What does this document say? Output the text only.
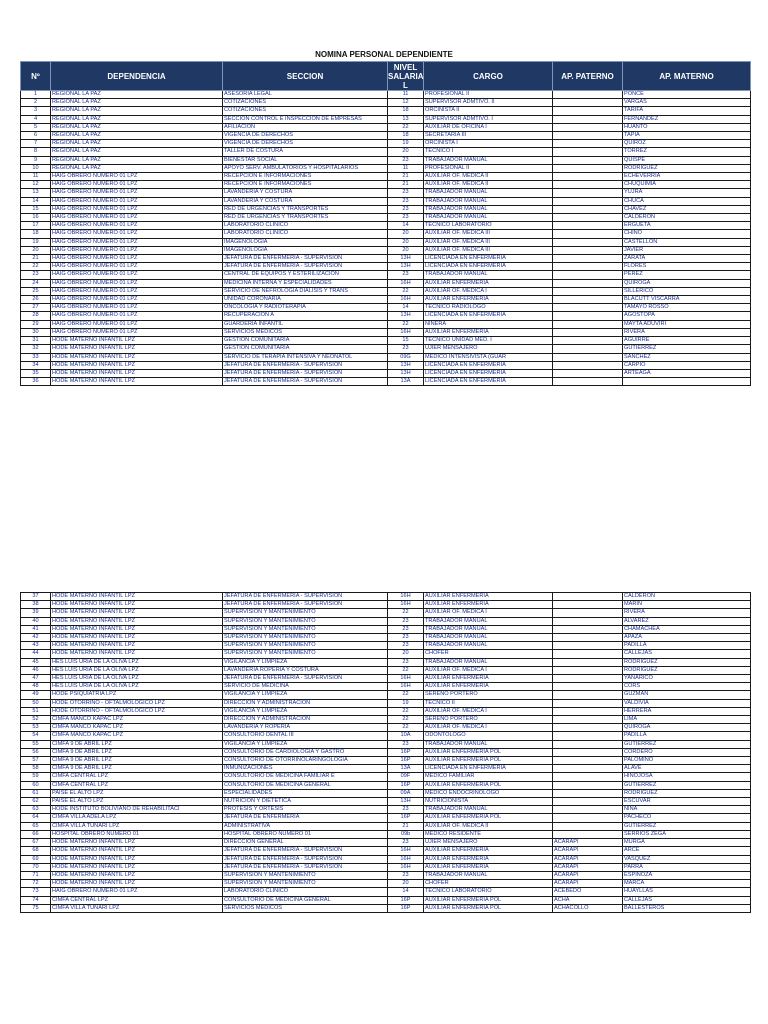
NOMINA PERSONAL DEPENDIENTE
Nº	DEPENDENCIA	SECCION	NIVEL SALARIA L	CARGO	AP. PATERNO	AP. MATERNO
1	REGIONAL LA PAZ	ASESORIA LEGAL	11	PROFESIONAL II		PONCE
2	REGIONAL LA PAZ	COTIZACIONES	12	SUPERVISOR ADMTIVO. II		VARGAS
3	REGIONAL LA PAZ	COTIZACIONES	18	ORCINISTA II		TARIFA
4	REGIONAL LA PAZ	SECCION CONTROL E INSPECCION DE EMPRESAS	13	SUPERVISOR ADMTIVO. I		FERNANDEZ
5	REGIONAL LA PAZ	AFILIACION	22	AUXILIAR DE OFICINA I		HUANTO
6	REGIONAL LA PAZ	VIGENCIA DE DERECHOS	18	SECRETARIA III		TAPIA
7	REGIONAL LA PAZ	VIGENCIA DE DERECHOS	19	ORCINISTA I		QUIROZ
8	REGIONAL LA PAZ	TALLER DE COSTURA	20	TECNICO I		TORREZ
9	REGIONAL LA PAZ	BIENESTAR SOCIAL	23	TRABAJADOR MANUAL		QUISPE
10	REGIONAL LA PAZ	APOYO SERV. AMBULATORIOS Y HOSPITALARIOS	11	PROFESIONAL II		RODRIGUEZ
11	HAIG OBRERO NUMERO 01 LPZ	RECEPCION E INFORMACIONES	21	AUXILIAR OF. MEDICA II		ECHEVERRIA
12	HAIG OBRERO NUMERO 01 LPZ	RECEPCION E INFORMACIONES	21	AUXILIAR OF. MEDICA II		CHUQUIMIA
13	HAIG OBRERO NUMERO 01 LPZ	LAVANDERIA Y COSTURA	23	TRABAJADOR MANUAL		YUJRA
14	HAIG OBRERO NUMERO 01 LPZ	LAVANDERIA Y COSTURA	23	TRABAJADOR MANUAL		CHUCA
15	HAIG OBRERO NUMERO 01 LPZ	RED DE URGENCIAS Y TRANSPORTES	23	TRABAJADOR MANUAL		CHAVEZ
16	HAIG OBRERO NUMERO 01 LPZ	RED DE URGENCIAS Y TRANSPORTES	23	TRABAJADOR MANUAL		CALDERON
17	HAIG OBRERO NUMERO 01 LPZ	LABORATORIO CLINICO	14	TECNICO LABORATORIO		ERGUETA
18	HAIG OBRERO NUMERO 01 LPZ	LABORATORIO CLINICO	20	AUXILIAR OF. MEDICA III		CHINO
19	HAIG OBRERO NUMERO 01 LPZ	IMAGENOLOGIA	20	AUXILIAR OF. MEDICA III		CASTELLON
20	HAIG OBRERO NUMERO 01 LPZ	IMAGENOLOGIA	20	AUXILIAR OF. MEDICA III		JAVIER
21	HAIG OBRERO NUMERO 01 LPZ	JEFATURA DE ENFERMERIA - SUPERVISION	13H	LICENCIADA EN ENFERMERIA		ZARATA
22	HAIG OBRERO NUMERO 01 LPZ	JEFATURA DE ENFERMERIA - SUPERVISION	13H	LICENCIADA EN ENFERMERIA		FLORES
23	HAIG OBRERO NUMERO 01 LPZ	CENTRAL DE EQUIPOS Y ESTERILIZACION	23	TRABAJADOR MANUAL		PEREZ
24	HAIG OBRERO NUMERO 01 LPZ	MEDICINA INTERNA Y ESPECIALIDADES	16H	AUXILIAR ENFERMERIA		QUIROGA
25	HAIG OBRERO NUMERO 01 LPZ	SERVICIO DE NEFROLOGIA DIALISIS Y TRANS	22	AUXILIAR OF. MEDICA I		SILLERICO
26	HAIG OBRERO NUMERO 01 LPZ	UNIDAD CORONARIA	16H	AUXILIAR ENFERMERIA		BLACUTT VISCARRA
27	HAIG OBRERO NUMERO 01 LPZ	ONCOLOGIA Y RADIOTERAPIA	14	TECNICO RADIOLOGO		TAMAYO ROSSO
28	HAIG OBRERO NUMERO 01 LPZ	RECUPERACION A	13H	LICENCIADA EN ENFERMERIA		AGOSTOPA
29	HAIG OBRERO NUMERO 01 LPZ	GUARDERIA INFANTIL	22	NINERA		MAYTA ADUVIRI
30	HAIG OBRERO NUMERO 01 LPZ	SERVICIOS MEDICOS	16H	AUXILIAR ENFERMERIA		RIVERA
31	HODE MATERNO INFANTIL LPZ	GESTION COMUNITARIA	15	TECNICO UNIDAD MED. I		AGUIRRE
32	HODE MATERNO INFANTIL LPZ	GESTION COMUNITARIA	23	UJIER MENSAJERO		GUTIERREZ
33	HODE MATERNO INFANTIL LPZ	SERVICIO DE TERAPIA INTENSIVA Y NEONATOL	09G	MEDICO INTENSIVISTA (GUAR		SANCHEZ
34	HODE MATERNO INFANTIL LPZ	JEFATURA DE ENFERMERIA - SUPERVISION	13H	LICENCIADA EN ENFERMERIA		CARPIO
35	HODE MATERNO INFANTIL LPZ	JEFATURA DE ENFERMERIA - SUPERVISION	13H	LICENCIADA EN ENFERMERIA		ARTEAGA
36	HODE MATERNO INFANTIL LPZ	JEFATURA DE ENFERMERIA - SUPERVISION	13A	LICENCIADA EN ENFERMERIA		
37	HODE MATERNO INFANTIL LPZ	JEFATURA DE ENFERMERIA - SUPERVISION	16H	AUXILIAR ENFERMERIA		CALDERON
38	HODE MATERNO INFANTIL LPZ	JEFATURA DE ENFERMERIA - SUPERVISION	16H	AUXILIAR ENFERMERIA		MARIN
39	HODE MATERNO INFANTIL LPZ	SUPERVISION Y MANTENIMIENTO	22	AUXILIAR OF. MEDICA I		RIVERA
40	HODE MATERNO INFANTIL LPZ	SUPERVISION Y MANTENIMIENTO	23	TRABAJADOR MANUAL		ALVAREZ
41	HODE MATERNO INFANTIL LPZ	SUPERVISION Y MANTENIMIENTO	23	TRABAJADOR MANUAL		CHAMACHEA
42	HODE MATERNO INFANTIL LPZ	SUPERVISION Y MANTENIMIENTO	23	TRABAJADOR MANUAL		APAZA
43	HODE MATERNO INFANTIL LPZ	SUPERVISION Y MANTENIMIENTO	23	TRABAJADOR MANUAL		PADILLA
44	HODE MATERNO INFANTIL LPZ	SUPERVISION Y MANTENIMIENTO	20	CHOFER		CALLEJAS
45	HES LUIS URIA DE LA OLIVA LPZ	VIGILANCIA Y LIMPIEZA	23	TRABAJADOR MANUAL		RODRIGUEZ
46	HES LUIS URIA DE LA OLIVA LPZ	LAVANDERIA ROPERIA Y COSTURA	22	AUXILIAR OF. MEDICA I		RODRIGUEZ
47	HES LUIS URIA DE LA OLIVA LPZ	JEFATURA DE ENFERMERIA - SUPERVISION	16H	AUXILIAR ENFERMERIA		YANARICO
48	HES LUIS URIA DE LA OLIVA LPZ	SERVICIO DE MEDICINA	16H	AUXILIAR ENFERMERIA		CORS
49	HODE PSIQUIATRIA LPZ	VIGILANCIA Y LIMPIEZA	22	SERENO PORTERO		GUZMAN
50	HODE OTORRINO - OFTALMOLOGICO LPZ	DIRECCION Y ADMINISTRACION	19	TECNICO II		VALDIVIA
51	HODE OTORRINO - OFTALMOLOGICO LPZ	VIGILANCIA Y LIMPIEZA	22	AUXILIAR OF. MEDICA I		HERRERA
52	CIMFA MANCO KAPAC LPZ	DIRECCION Y ADMINISTRACION	22	SERENO PORTERO		LIMA
53	CIMFA MANCO KAPAC LPZ	LAVANDERIA Y ROPERIA	22	AUXILIAR OF. MEDICA I		QUIROGA
54	CIMFA MANCO KAPAC LPZ	CONSULTORIO DENTAL III	10A	ODONTOLOGO		PADILLA
55	CIMFA 9 DE ABRIL LPZ	VIGILANCIA Y LIMPIEZA	23	TRABAJADOR MANUAL		GUTIERREZ
56	CIMFA 9 DE ABRIL LPZ	CONSULTORIO DE CARDIOLOGIA Y GASTRO	16P	AUXILIAR ENFERMERIA POL		CORDERO
57	CIMFA 9 DE ABRIL LPZ	CONSULTORIO DE OTORRINOLARINGOLOGIA	16P	AUXILIAR ENFERMERIA POL		PALOMINO
58	CIMFA 9 DE ABRIL LPZ	INMUNIZACIONES	13A	LICENCIADA EN ENFERMERIA		ALAVE
59	CIMFA CENTRAL LPZ	CONSULTORIO DE MEDICINA FAMILIAR E	09F	MEDICO FAMILIAR		HINOJOSA
60	CIMFA CENTRAL LPZ	CONSULTORIO DE MEDICINA GENERAL	16P	AUXILIAR ENFERMERIA POL		GUTIERREZ
61	PAISE EL ALTO LPZ	ESPECIALIDADES	09A	MEDICO ENDOCRINOLOGO		RODRIGUEZ
62	PAISE EL ALTO LPZ	NUTRICION Y DIETETICA	13H	NUTRICIONISTA		ESCUVAR
63	HODE INSTITUTO BOLIVIANO DE REHABILITACI	PROTESIS Y ORTESIS	23	TRABAJADOR MANUAL		NINA
64	CIMFA VILLA ADELA LPZ	JEFATURA DE ENFERMERIA	16P	AUXILIAR ENFERMERIA POL		PACHECO
65	CIMFA VILLA TUNARI LPZ	ADMINISTRATIVA	21	AUXILIAR OF. MEDICA II		GUTIERREZ
66	HOSPITAL OBRERO NUMERO 01	HOSPITAL OBRERO NUMERO 01	09b	MEDICO RESIDENTE		SERRIOS ZEGA
67	HODE MATERNO INFANTIL LPZ	DIRECCION GENERAL	23	UJIER MENSAJERO	ACARAPI	MURGA
68	HODE MATERNO INFANTIL LPZ	JEFATURA DE ENFERMERIA - SUPERVISION	16H	AUXILIAR ENFERMERIA	ACARAPI	ARCE
69	HODE MATERNO INFANTIL LPZ	JEFATURA DE ENFERMERIA - SUPERVISION	16H	AUXILIAR ENFERMERIA	ACARAPI	VASQUEZ
70	HODE MATERNO INFANTIL LPZ	JEFATURA DE ENFERMERIA - SUPERVISION	16H	AUXILIAR ENFERMERIA	ACARAPI	PARRA
71	HODE MATERNO INFANTIL LPZ	SUPERVISION Y MANTENIMIENTO	23	TRABAJADOR MANUAL	ACARAPI	ESPINOZA
72	HODE MATERNO INFANTIL LPZ	SUPERVISION Y MANTENIMIENTO	20	CHOFER	ACARAPI	MARCA
73	HAIG OBRERO NUMERO 01 LPZ	LABORATORIO CLINICO	14	TECNICO LABORATORIO	ACEBEDO	HUAYLLAS
74	CIMFA CENTRAL LPZ	CONSULTORIO DE MEDICINA GENERAL	16P	AUXILIAR ENFERMERIA POL	ACHA	CALLEJAS
75	CIMFA VILLA TUNARI LPZ	SERVICIOS MEDICOS	16P	AUXILIAR ENFERMERIA POL	ACHACOLLO	BALLESTEROS
